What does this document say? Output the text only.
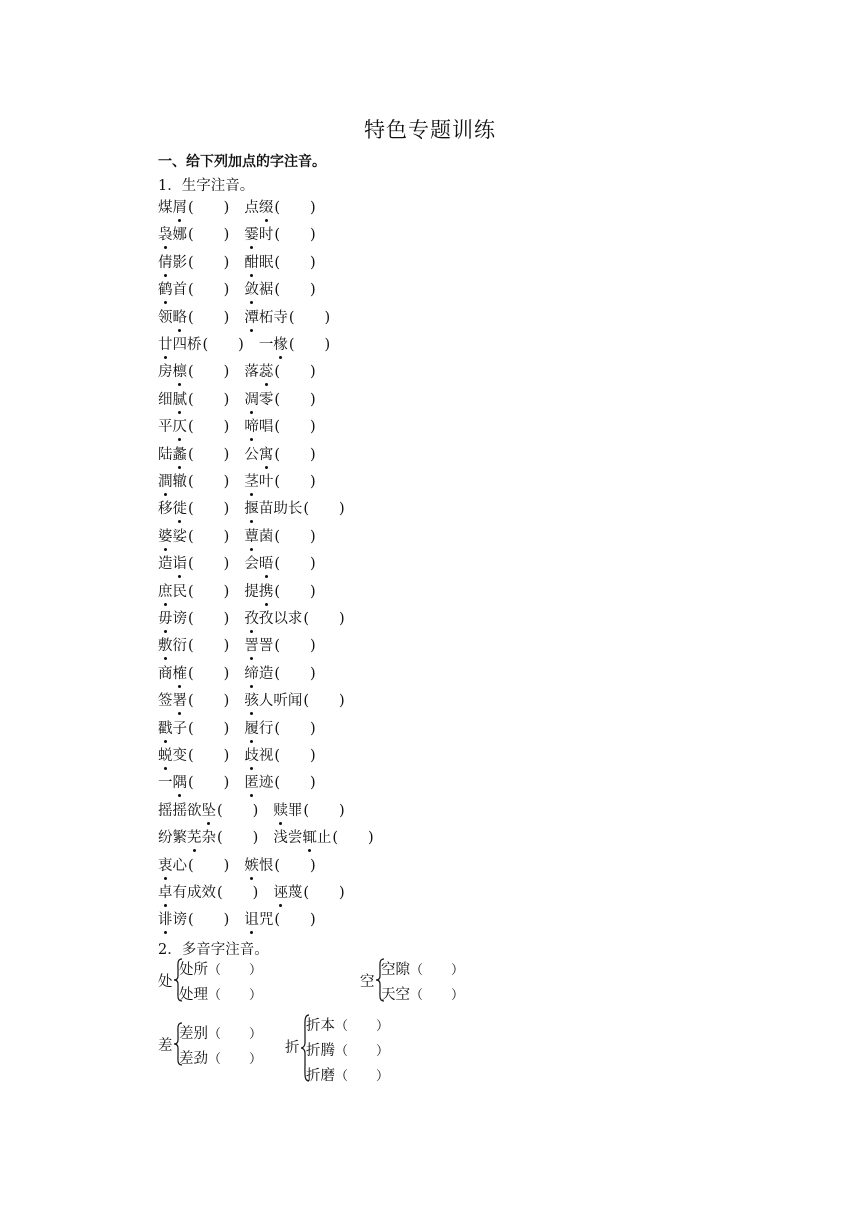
特色专题训练
一、给下列加点的字注音。
1．生字注音。
煤屑( ) 点缀( )
袅娜( ) 霎时( )
倩影( ) 酣眠( )
鹤首( ) 敛裾( )
领略( ) 潭柘寺( )
廿四桥( ) 一椽( )
房檩( ) 落蕊( )
细腻( ) 凋零( )
平仄( ) 啼唱( )
陆蠡( ) 公寓( )
澗辙( ) 茎叶( )
移徙( ) 揠苗助长( )
婆娑( ) 蕈菌( )
造诣( ) 会晤( )
庶民( ) 提携( )
毋谤( ) 孜孜以求( )
敷衍( ) 詈詈( )
商榷( ) 缔造( )
签署( ) 骇人听闻( )
戳子( ) 履行( )
蜕变( ) 歧视( )
一隅( ) 匿迹( )
摇摇欲坠( ) 赎罪( )
纷繁芜杂( ) 浅尝辄止( )
衷心( ) 嫉恨( )
卓有成效( ) 诬蔑( )
诽谤( ) 诅咒( )
2．多音字注音。
处
处所（ ）
处理（ ）
空
空隙（ ）
天空（ ）
差
差别（ ）
差劲（ ）
折
折本（ ）
折腾（ ）
折磨（ ）
